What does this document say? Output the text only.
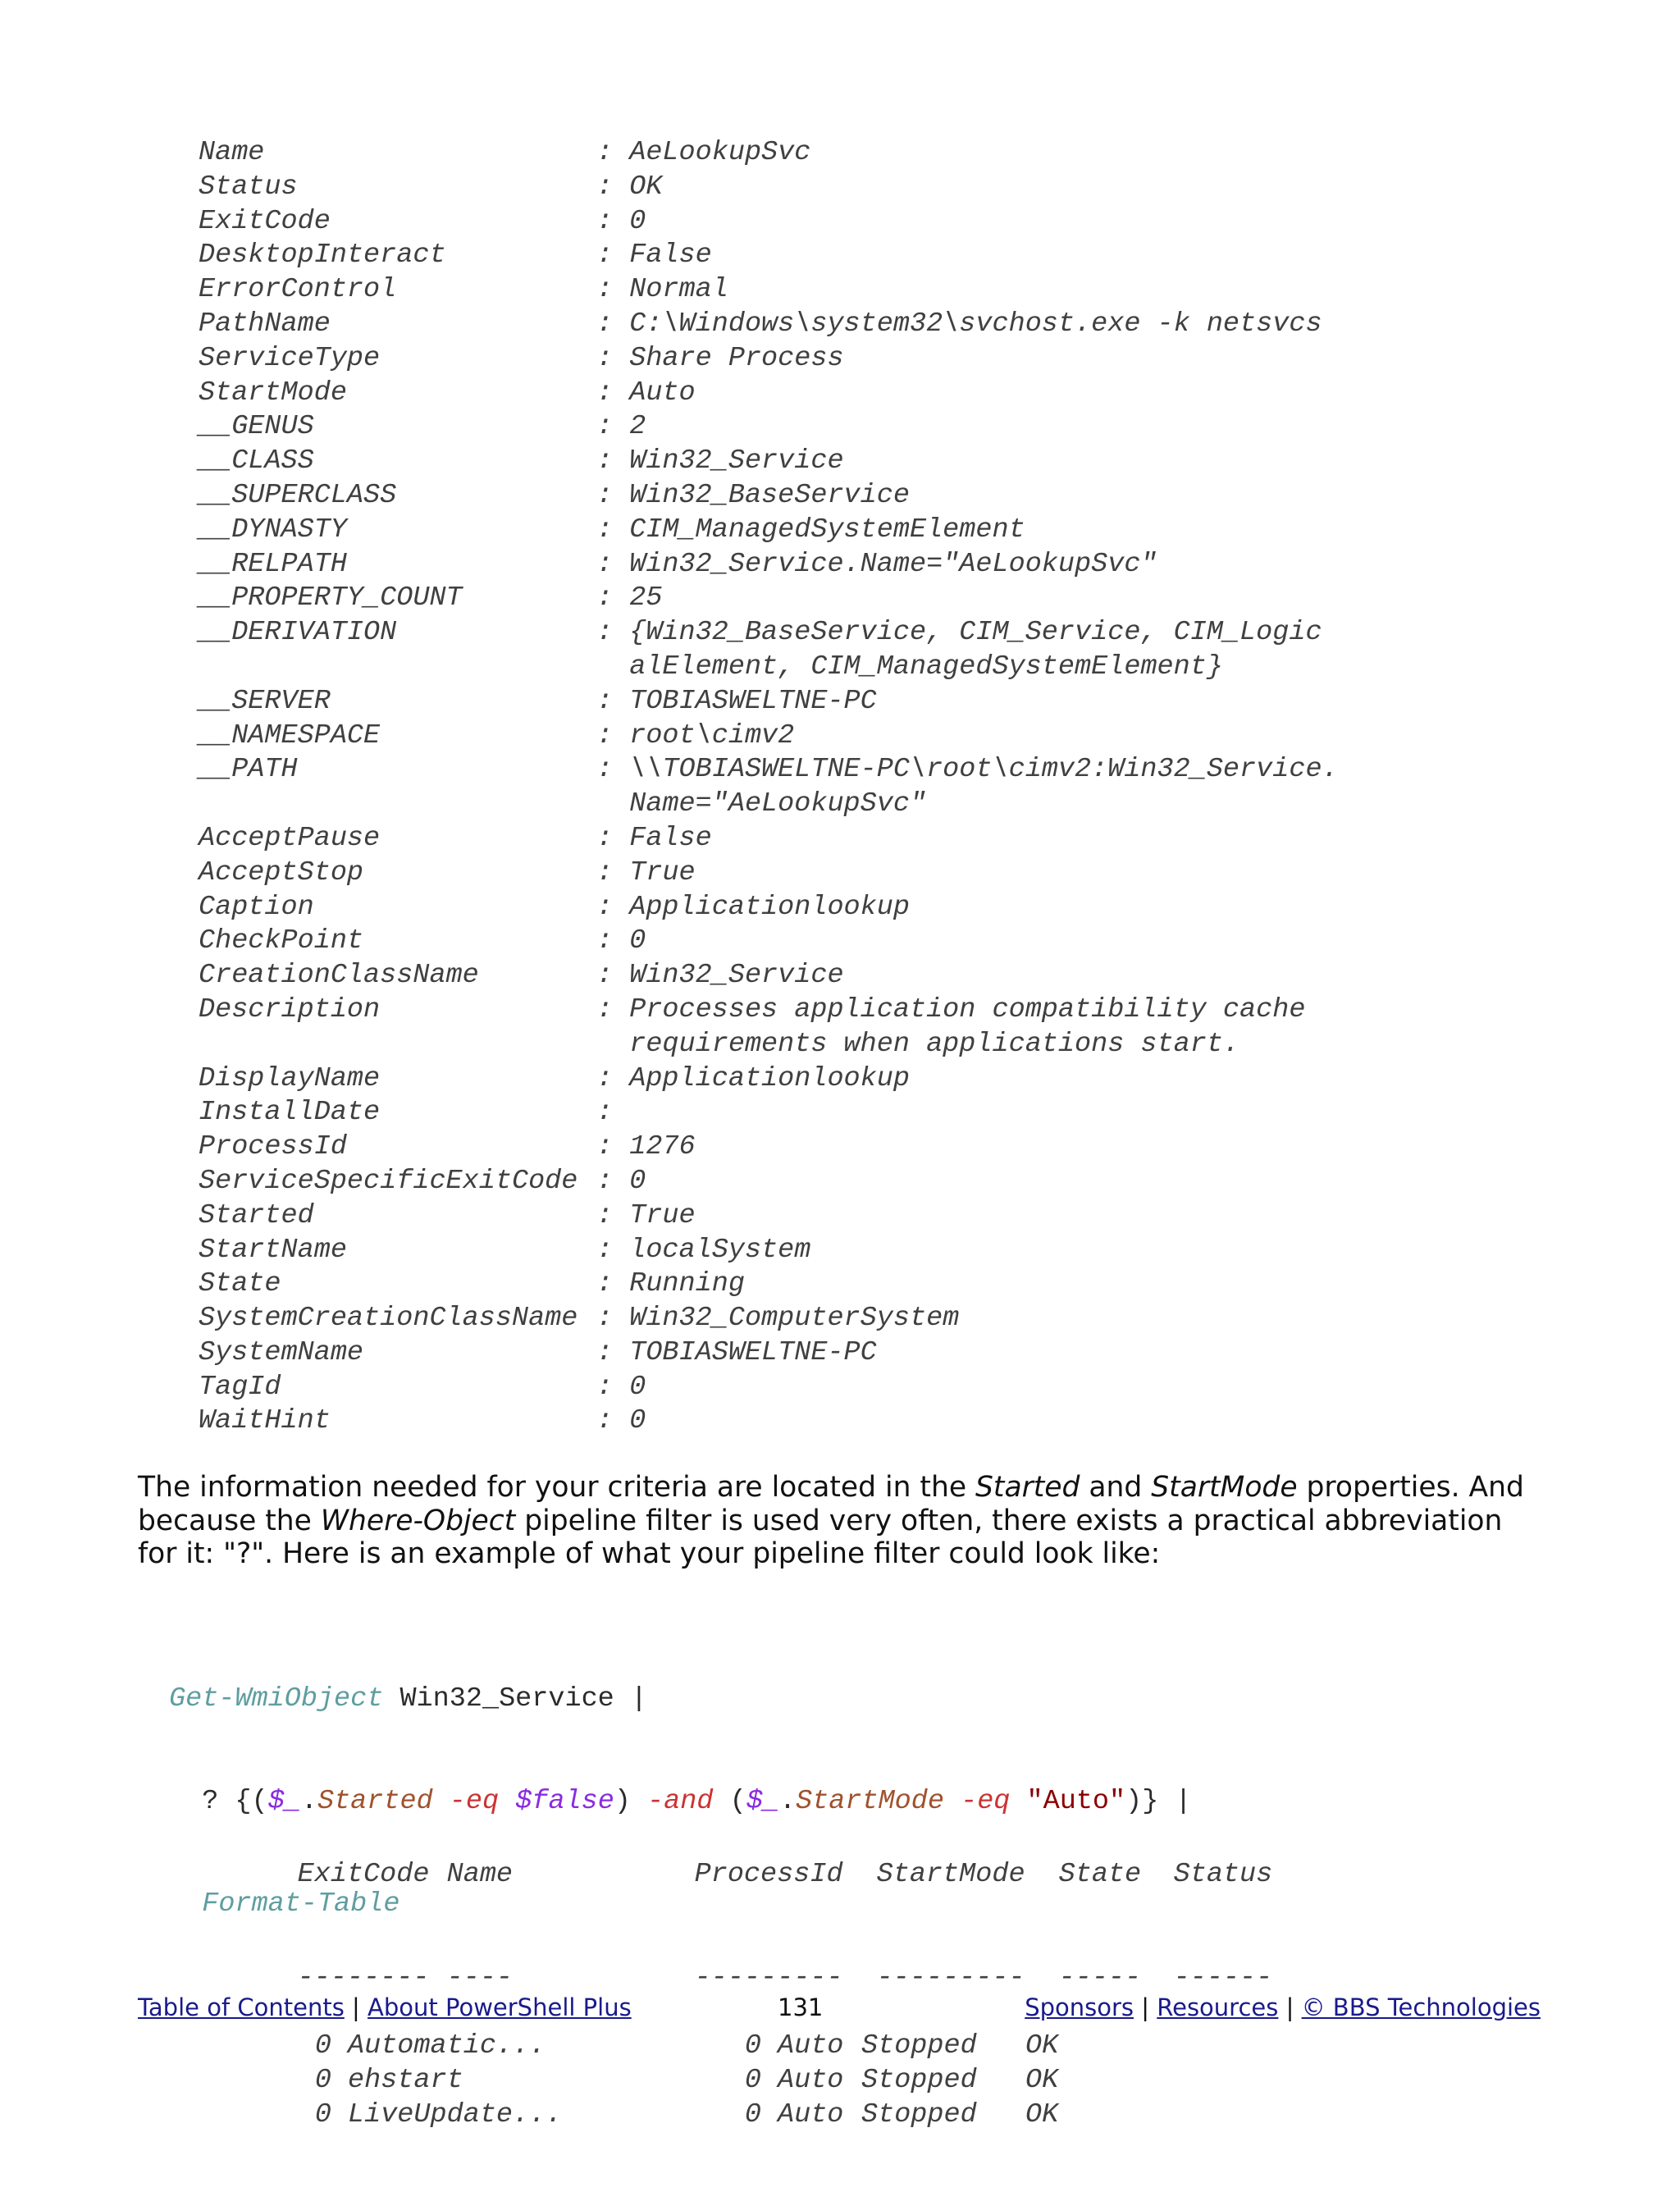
Name	: AeLookupSvc
Status	: OK
ExitCode	: 0
DesktopInteract	: False
ErrorControl	: Normal
PathName	: C:\Windows\system32\svchost.exe -k netsvcs
ServiceType	: Share Process
StartMode	: Auto
__GENUS	: 2
__CLASS	: Win32_Service
__SUPERCLASS	: Win32_BaseService
__DYNASTY	: CIM_ManagedSystemElement
__RELPATH	: Win32_Service.Name="AeLookupSvc"
__PROPERTY_COUNT	: 25
__DERIVATION	: {Win32_BaseService, CIM_Service, CIM_Logic
alElement, CIM_ManagedSystemElement}
__SERVER	: TOBIASWELTNE-PC
__NAMESPACE	: root\cimv2
__PATH	: \\TOBIASWELTNE-PC\root\cimv2:Win32_Service.
Name="AeLookupSvc"
AcceptPause	: False
AcceptStop	: True
Caption	: Applicationlookup
CheckPoint	: 0
CreationClassName	: Win32_Service
Description	: Processes application compatibility cache
requirements when applications start.
DisplayName	: Applicationlookup
InstallDate	:
ProcessId	: 1276
ServiceSpecificExitCode : 0
Started	: True
StartName	: localSystem
State	: Running
SystemCreationClassName : Win32_ComputerSystem
SystemName	: TOBIASWELTNE-PC
TagId	: 0
WaitHint	: 0

The information needed for your criteria are located in the Started and StartMode properties. And because the Where-Object pipeline filter is used very often, there exists a practical abbreviation for it: "?". Here is an example of what your pipeline filter could look like:

Get-WmiObject Win32_Service |

? {($_.Started -eq $false) -and ($_.StartMode -eq "Auto")} |

Format-Table

ExitCode Name	ProcessId StartMode State Status

-------- ----	--------- --------- ----- ------

0 Automatic...	0 Auto Stopped OK
0 ehstart	0 Auto Stopped OK
0 LiveUpdate...	0 Auto Stopped OK

Table of Contents | About PowerShell Plus	131	Sponsors | Resources | © BBS Technologies
